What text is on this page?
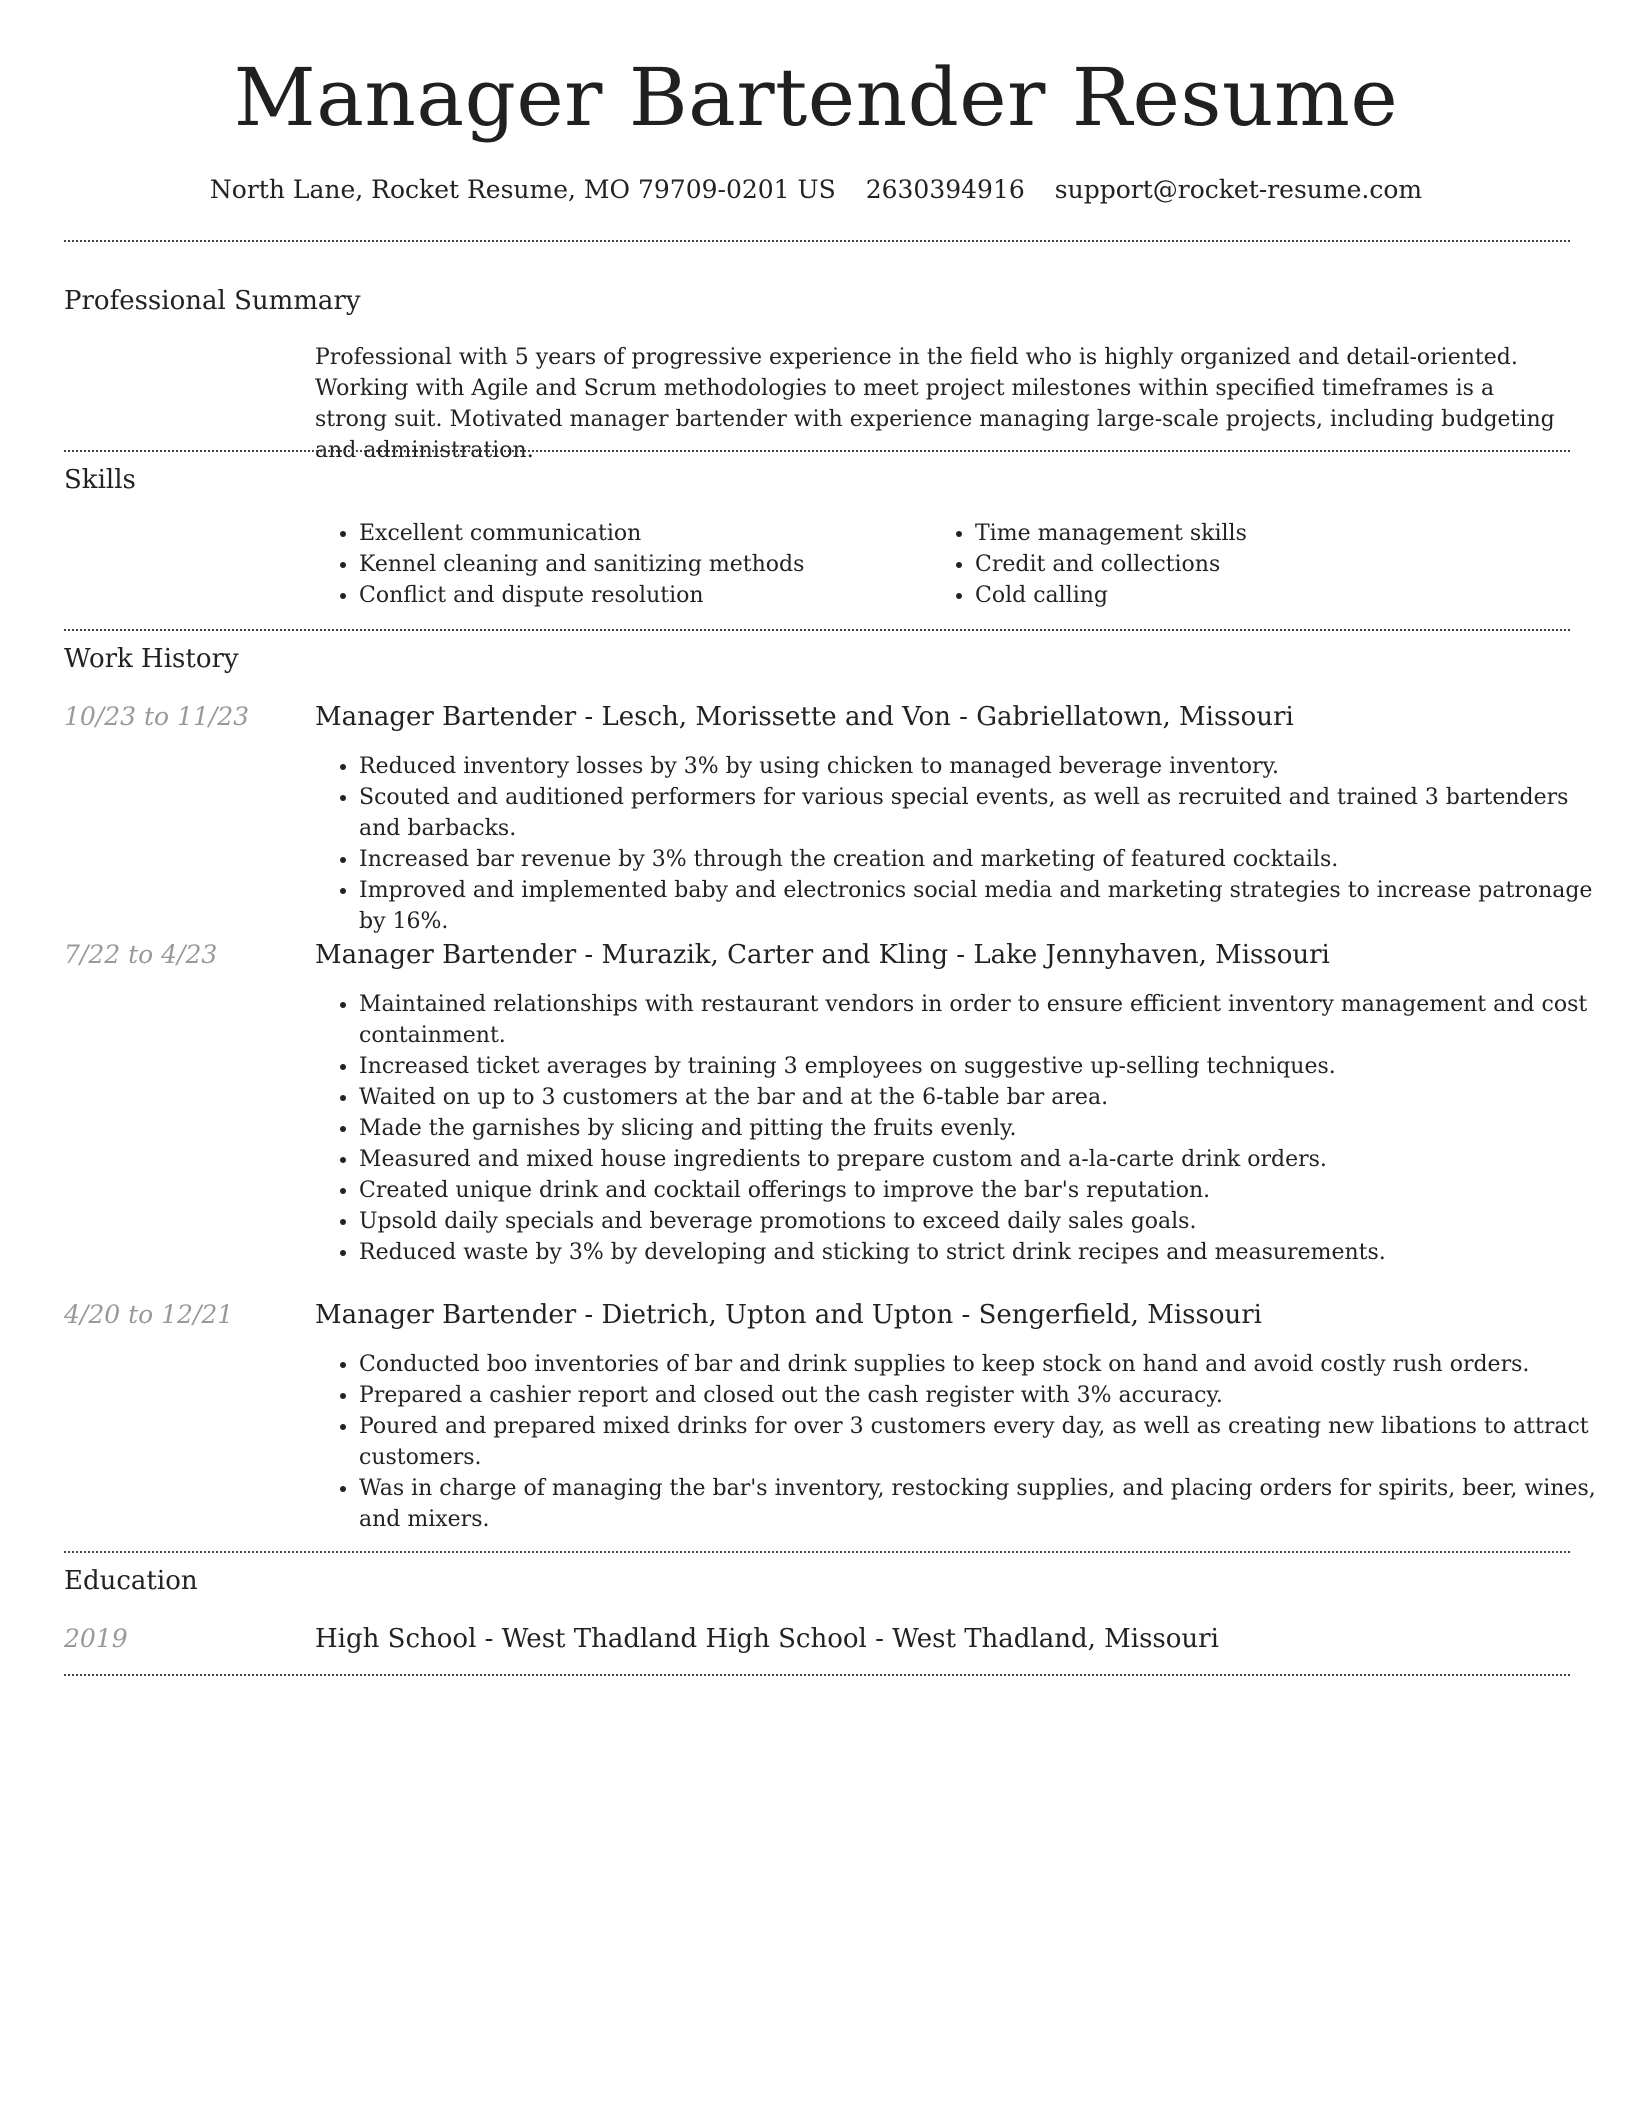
Manager Bartender Resume
North Lane, Rocket Resume, MO 79709-0201 US 2630394916 support@rocket-resume.com
Professional Summary

Professional with 5 years of progressive experience in the field who is highly organized and detail-oriented. Working with Agile and Scrum methodologies to meet project milestones within specified timeframes is a strong suit. Motivated manager bartender with experience managing large-scale projects, including budgeting and administration.

Skills
• Excellent communication
• Kennel cleaning and sanitizing methods
• Conflict and dispute resolution
• Time management skills
• Credit and collections
• Cold calling
Work History
10/23 to 11/23	Manager Bartender - Lesch, Morissette and Von - Gabriellatown, Missouri
• Reduced inventory losses by 3% by using chicken to managed beverage inventory.
• Scouted and auditioned performers for various special events, as well as recruited and trained 3 bartenders and barbacks.
• Increased bar revenue by 3% through the creation and marketing of featured cocktails.
• Improved and implemented baby and electronics social media and marketing strategies to increase patronage by 16%.
7/22 to 4/23	Manager Bartender - Murazik, Carter and Kling - Lake Jennyhaven, Missouri
• Maintained relationships with restaurant vendors in order to ensure efficient inventory management and cost containment.
• Increased ticket averages by training 3 employees on suggestive up-selling techniques.
• Waited on up to 3 customers at the bar and at the 6-table bar area.
• Made the garnishes by slicing and pitting the fruits evenly.
• Measured and mixed house ingredients to prepare custom and a-la-carte drink orders.
• Created unique drink and cocktail offerings to improve the bar's reputation.
• Upsold daily specials and beverage promotions to exceed daily sales goals.
• Reduced waste by 3% by developing and sticking to strict drink recipes and measurements.
4/20 to 12/21	Manager Bartender - Dietrich, Upton and Upton - Sengerfield, Missouri
• Conducted boo inventories of bar and drink supplies to keep stock on hand and avoid costly rush orders.
• Prepared a cashier report and closed out the cash register with 3% accuracy.
• Poured and prepared mixed drinks for over 3 customers every day, as well as creating new libations to attract customers.
• Was in charge of managing the bar's inventory, restocking supplies, and placing orders for spirits, beer, wines, and mixers.
Education
2019	High School - West Thadland High School - West Thadland, Missouri
